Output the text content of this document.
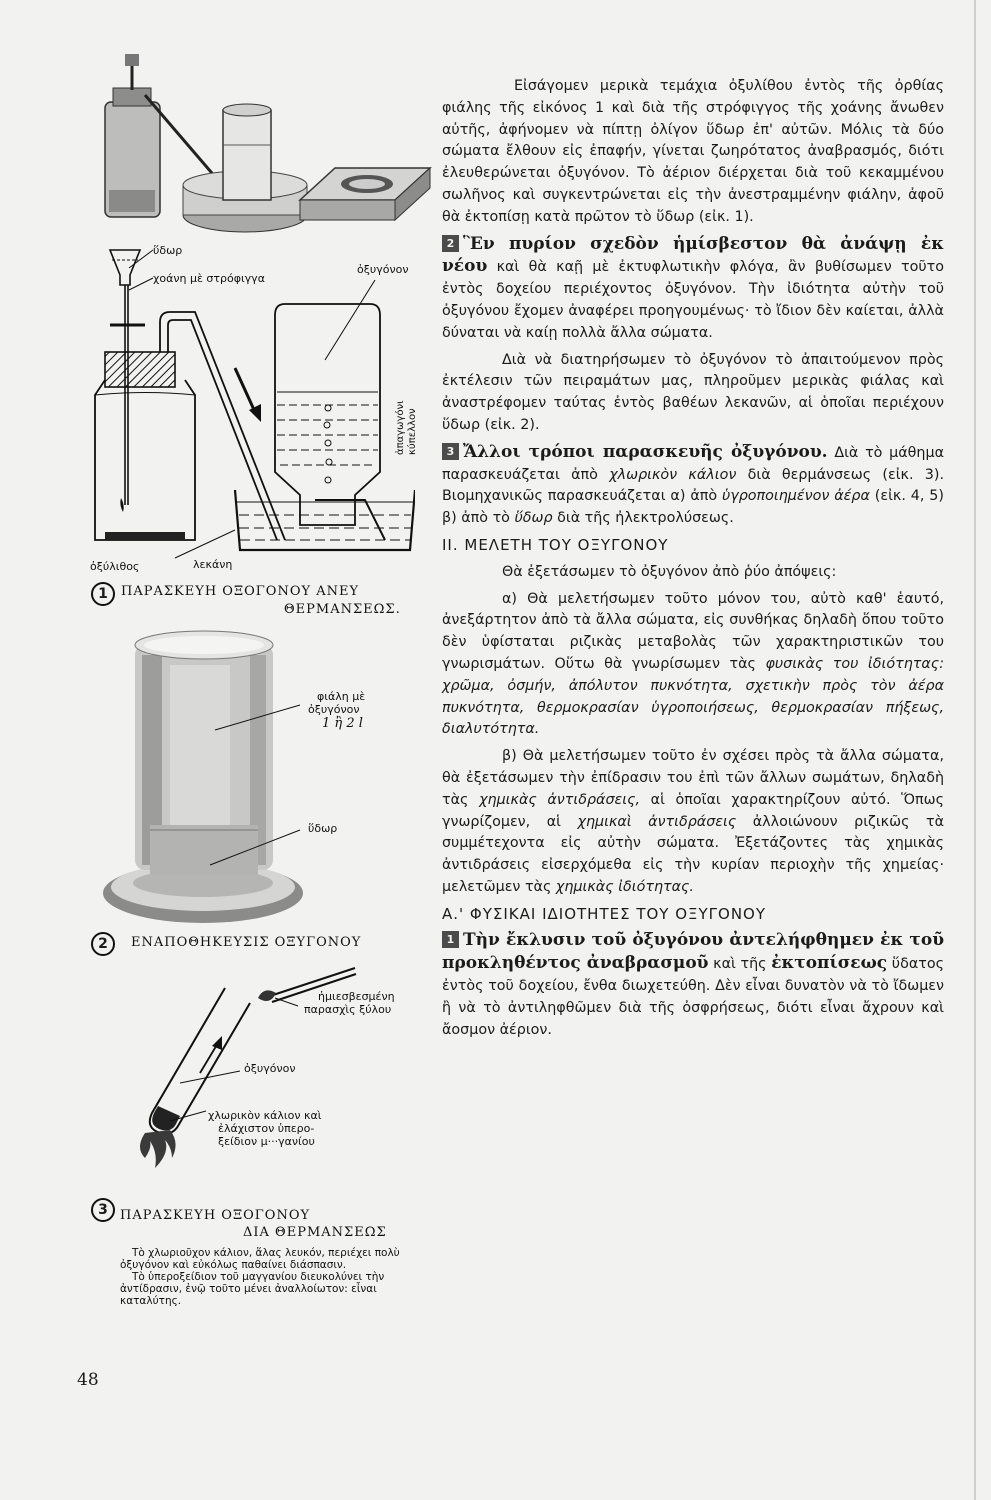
ὕδωρ
χοάνη μὲ στρόφιγγα
ὀξυγόνον
ἀπαγωγόνι κύπελλον
ὀξύλιθος	λεκάνη
1	ΠΑΡΑΣΚΕΥΗ ΟΞΟΓΟΝΟΥ ΑΝΕΥ
ΘΕΡΜΑΝΣΕΩΣ.
φιάλη μὲ
ὀξυγόνον
1 ἢ 2 l
ὕδωρ
2	ΕΝΑΠΟΘΗΚΕΥΣΙΣ ΟΞΥΓΟΝΟΥ
ἡμιεσβεσμένη
παρασχὶς ξύλου
ὀξυγόνον
χλωρικὸν κάλιον καὶ
ἐλάχιστον ὑπερο-
ξείδιον μ···γανίου
3 ΠΑΡΑΣΚΕΥΗ ΟΞΟΓΟΝΟΥ
ΔΙΑ ΘΕΡΜΑΝΣΕΩΣ

Τὸ χλωριοῦχον κάλιον, ἅλας λευκόν, περιέχει πολὺ ὀξυγόνον καὶ εὐκόλως παθαίνει διάσπασιν.

Τὸ ὑπεροξείδιον τοῦ μαγγανίου διευκολύνει τὴν ἀντίδρασιν, ἐνῷ τοῦτο μένει ἀναλλοίωτον: εἶναι καταλύτης.

48

Εἰσάγομεν μερικὰ τεμάχια ὀξυλίθου ἐντὸς τῆς ὀρθίας φιάλης τῆς εἰκόνος 1 καὶ διὰ τῆς στρόφιγγος τῆς χοάνης ἄνωθεν αὐτῆς, ἀφήνομεν νὰ πίπτῃ ὀλίγον ὕδωρ ἐπ' αὐτῶν. Μόλις τὰ δύο σώματα ἔλθουν εἰς ἐπαφήν, γίνεται ζωηρότατος ἀναβρασμός, διότι ἐλευθερώνεται ὀξυγόνον. Τὸ ἀέριον διέρχεται διὰ τοῦ κεκαμμένου σωλῆνος καὶ συγκεντρώνεται εἰς τὴν ἀνεστραμμένην φιάλην, ἀφοῦ θὰ ἐκτοπίσῃ κατὰ πρῶτον τὸ ὕδωρ (εἰκ. 1).

2 Ἓν πυρίον σχεδὸν ἡμίσβεστον θὰ ἀνάψῃ ἐκ νέου καὶ θὰ καῇ μὲ ἐκτυφλωτικὴν φλόγα, ἂν βυθίσωμεν τοῦτο ἐντὸς δοχείου περιέχοντος ὀξυγόνον. Τὴν ἰδιότητα αὐτὴν τοῦ ὀξυγόνου ἔχομεν ἀναφέρει προηγουμένως· τὸ ἴδιον δὲν καίεται, ἀλλὰ δύναται νὰ καίῃ πολλὰ ἄλλα σώματα.

Διὰ νὰ διατηρήσωμεν τὸ ὀξυγόνον τὸ ἀπαιτούμενον πρὸς ἐκτέλεσιν τῶν πειραμάτων μας, πληροῦμεν μερικὰς φιάλας καὶ ἀναστρέφομεν ταύτας ἐντὸς βαθέων λεκανῶν, αἱ ὁποῖαι περιέχουν ὕδωρ (εἰκ. 2).

3 Ἄλλοι τρόποι παρασκευῆς ὀξυγόνου. Διὰ τὸ μάθημα παρασκευάζεται ἀπὸ χλωρικὸν κάλιον διὰ θερμάνσεως (εἰκ. 3). Βιομηχανικῶς παρασκευάζεται α) ἀπὸ ὑγροποιημένον ἀέρα (εἰκ. 4, 5) β) ἀπὸ τὸ ὕδωρ διὰ τῆς ἠλεκτρολύσεως.

ΙΙ. ΜΕΛΕΤΗ ΤΟΥ ΟΞΥΓΟΝΟΥ

Θὰ ἐξετάσωμεν τὸ ὀξυγόνον ἀπὸ ῥύο ἀπόψεις:

α) Θὰ μελετήσωμεν τοῦτο μόνον του, αὐτὸ καθ' ἑαυτό, ἀνεξάρτητον ἀπὸ τὰ ἄλλα σώματα, εἰς συνθήκας δηλαδὴ ὅπου τοῦτο δὲν ὑφίσταται ριζικὰς μεταβολὰς τῶν χαρακτηριστικῶν του γνωρισμάτων. Οὕτω θὰ γνωρίσωμεν τὰς φυσικὰς του ἰδιότητας: χρῶμα, ὀσμήν, ἀπόλυτον πυκνότητα, σχετικὴν πρὸς τὸν ἀέρα πυκνότητα, θερμοκρασίαν ὑγροποιήσεως, θερμοκρασίαν πήξεως, διαλυτότητα.

β) Θὰ μελετήσωμεν τοῦτο ἐν σχέσει πρὸς τὰ ἄλλα σώματα, θὰ ἐξετάσωμεν τὴν ἐπίδρασιν του ἐπὶ τῶν ἄλλων σωμάτων, δηλαδὴ τὰς χημικὰς ἀντιδράσεις, αἱ ὁποῖαι χαρακτηρίζουν αὐτό. Ὅπως γνωρίζομεν, αἱ χημικαὶ ἀντιδράσεις ἀλλοιώνουν ριζικῶς τὰ συμμέτεχοντα εἰς αὐτὴν σώματα. Ἐξετάζοντες τὰς χημικὰς ἀντιδράσεις εἰσερχόμεθα εἰς τὴν κυρίαν περιοχὴν τῆς χημείας· μελετῶμεν τὰς χημικὰς ἰδιότητας.

Α.' ΦΥΣΙΚΑΙ ΙΔΙΟΤΗΤΕΣ ΤΟΥ ΟΞΥΓΟΝΟΥ

1 Τὴν ἔκλυσιν τοῦ ὀξυγόνου ἀντελήφθημεν ἐκ τοῦ προκληθέντος ἀναβρασμοῦ καὶ τῆς ἐκτοπίσεως ὕδατος ἐντὸς τοῦ δοχείου, ἔνθα διωχετεύθη. Δὲν εἶναι δυνατὸν νὰ τὸ ἴδωμεν ἢ νὰ τὸ ἀντιληφθῶμεν διὰ τῆς ὀσφρήσεως, διότι εἶναι ἄχρουν καὶ ἄοσμον ἀέριον.
